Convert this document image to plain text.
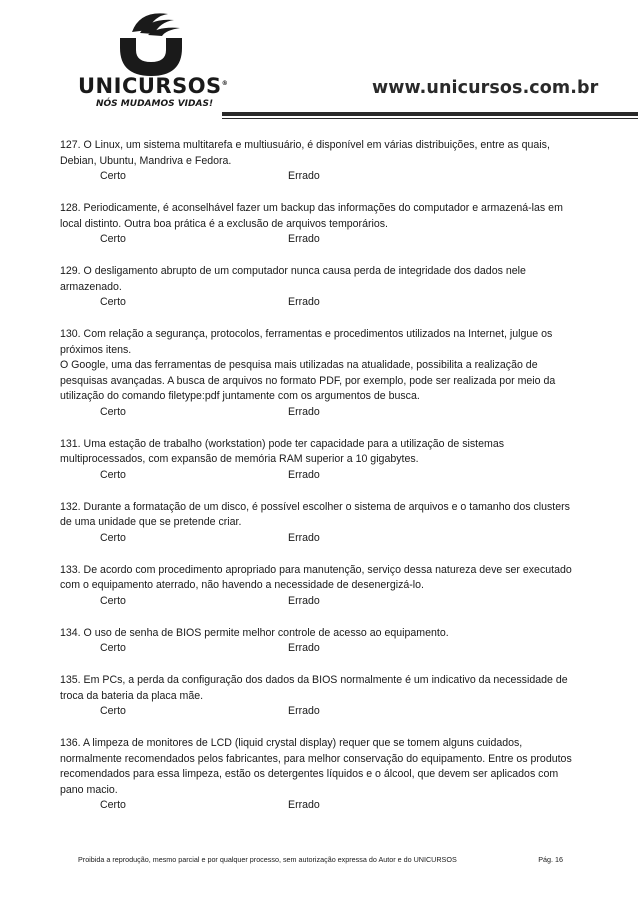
UNICURSOS®
NÓS MUDAMOS VIDAS!
www.unicursos.com.br

127. O Linux, um sistema multitarefa e multiusuário, é disponível em várias distribuições, entre as quais, Debian, Ubuntu, Mandriva e Fedora.

Certo	Errado

128. Periodicamente, é aconselhável fazer um backup das informações do computador e armazená-las em local distinto. Outra boa prática é a exclusão de arquivos temporários.

Certo	Errado

129. O desligamento abrupto de um computador nunca causa perda de integridade dos dados nele armazenado.

Certo	Errado

130. Com relação a segurança, protocolos, ferramentas e procedimentos utilizados na Internet, julgue os próximos itens.

O Google, uma das ferramentas de pesquisa mais utilizadas na atualidade, possibilita a realização de pesquisas avançadas. A busca de arquivos no formato PDF, por exemplo, pode ser realizada por meio da utilização do comando filetype:pdf juntamente com os argumentos de busca.

Certo	Errado

131. Uma estação de trabalho (workstation) pode ter capacidade para a utilização de sistemas multiprocessados, com expansão de memória RAM superior a 10 gigabytes.

Certo	Errado

132. Durante a formatação de um disco, é possível escolher o sistema de arquivos e o tamanho dos clusters de uma unidade que se pretende criar.

Certo	Errado

133. De acordo com procedimento apropriado para manutenção, serviço dessa natureza deve ser executado com o equipamento aterrado, não havendo a necessidade de desenergizá-lo.

Certo	Errado

134. O uso de senha de BIOS permite melhor controle de acesso ao equipamento.

Certo	Errado

135. Em PCs, a perda da configuração dos dados da BIOS normalmente é um indicativo da necessidade de troca da bateria da placa mãe.

Certo	Errado

136. A limpeza de monitores de LCD (liquid crystal display) requer que se tomem alguns cuidados, normalmente recomendados pelos fabricantes, para melhor conservação do equipamento. Entre os produtos recomendados para essa limpeza, estão os detergentes líquidos e o álcool, que devem ser aplicados com pano macio.

Certo	Errado
Proibida a reprodução, mesmo parcial e por qualquer processo, sem autorização expressa do Autor e do UNICURSOS	Pág. 16
